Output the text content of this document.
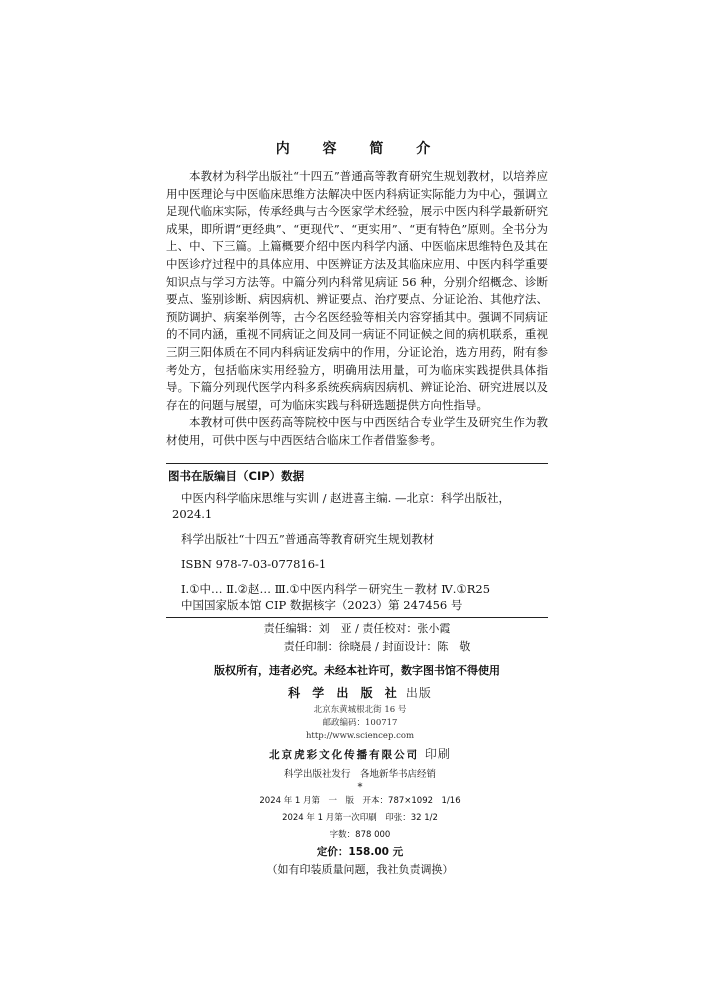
内 容 简 介

本教材为科学出版社“十四五”普通高等教育研究生规划教材，以培养应用中医理论与中医临床思维方法解决中医内科病证实际能力为中心，强调立足现代临床实际，传承经典与古今医家学术经验，展示中医内科学最新研究成果，即所谓“更经典”、“更现代”、“更实用”、“更有特色”原则。全书分为上、中、下三篇。上篇概要介绍中医内科学内涵、中医临床思维特色及其在中医诊疗过程中的具体应用、中医辨证方法及其临床应用、中医内科学重要知识点与学习方法等。中篇分列内科常见病证 56 种，分别介绍概念、诊断要点、鉴别诊断、病因病机、辨证要点、治疗要点、分证论治、其他疗法、预防调护、病案举例等，古今名医经验等相关内容穿插其中。强调不同病证的不同内涵，重视不同病证之间及同一病证不同证候之间的病机联系，重视三阴三阳体质在不同内科病证发病中的作用，分证论治，选方用药，附有参考处方，包括临床实用经验方，明确用法用量，可为临床实践提供具体指导。下篇分列现代医学内科多系统疾病病因病机、辨证论治、研究进展以及存在的问题与展望，可为临床实践与科研选题提供方向性指导。

本教材可供中医药高等院校中医与中西医结合专业学生及研究生作为教材使用，可供中医与中西医结合临床工作者借鉴参考。

图书在版编目（CIP）数据
中医内科学临床思维与实训 / 赵进喜主编. —北京：科学出版社，
2024.1
科学出版社“十四五”普通高等教育研究生规划教材
ISBN 978-7-03-077816-1
Ⅰ.①中… Ⅱ.②赵… Ⅲ.①中医内科学－研究生－教材 Ⅳ.①R25
中国国家版本馆 CIP 数据核字（2023）第 247456 号
责任编辑：刘　亚 / 责任校对：张小霞
责任印制：徐晓晨 / 封面设计：陈　敬
版权所有，违者必究。未经本社许可，数字图书馆不得使用
科 学 出 版 社 出版
北京东黄城根北街 16 号
邮政编码：100717
http://www.sciencep.com
北京虎彩文化传播有限公司 印刷
科学出版社发行　各地新华书店经销
*
2024 年 1 月第　一　版　开本：787×1092　1/16
2024 年 1 月第一次印刷　印张：32 1/2
字数：878 000
定价：158.00 元
（如有印装质量问题，我社负责调换）
